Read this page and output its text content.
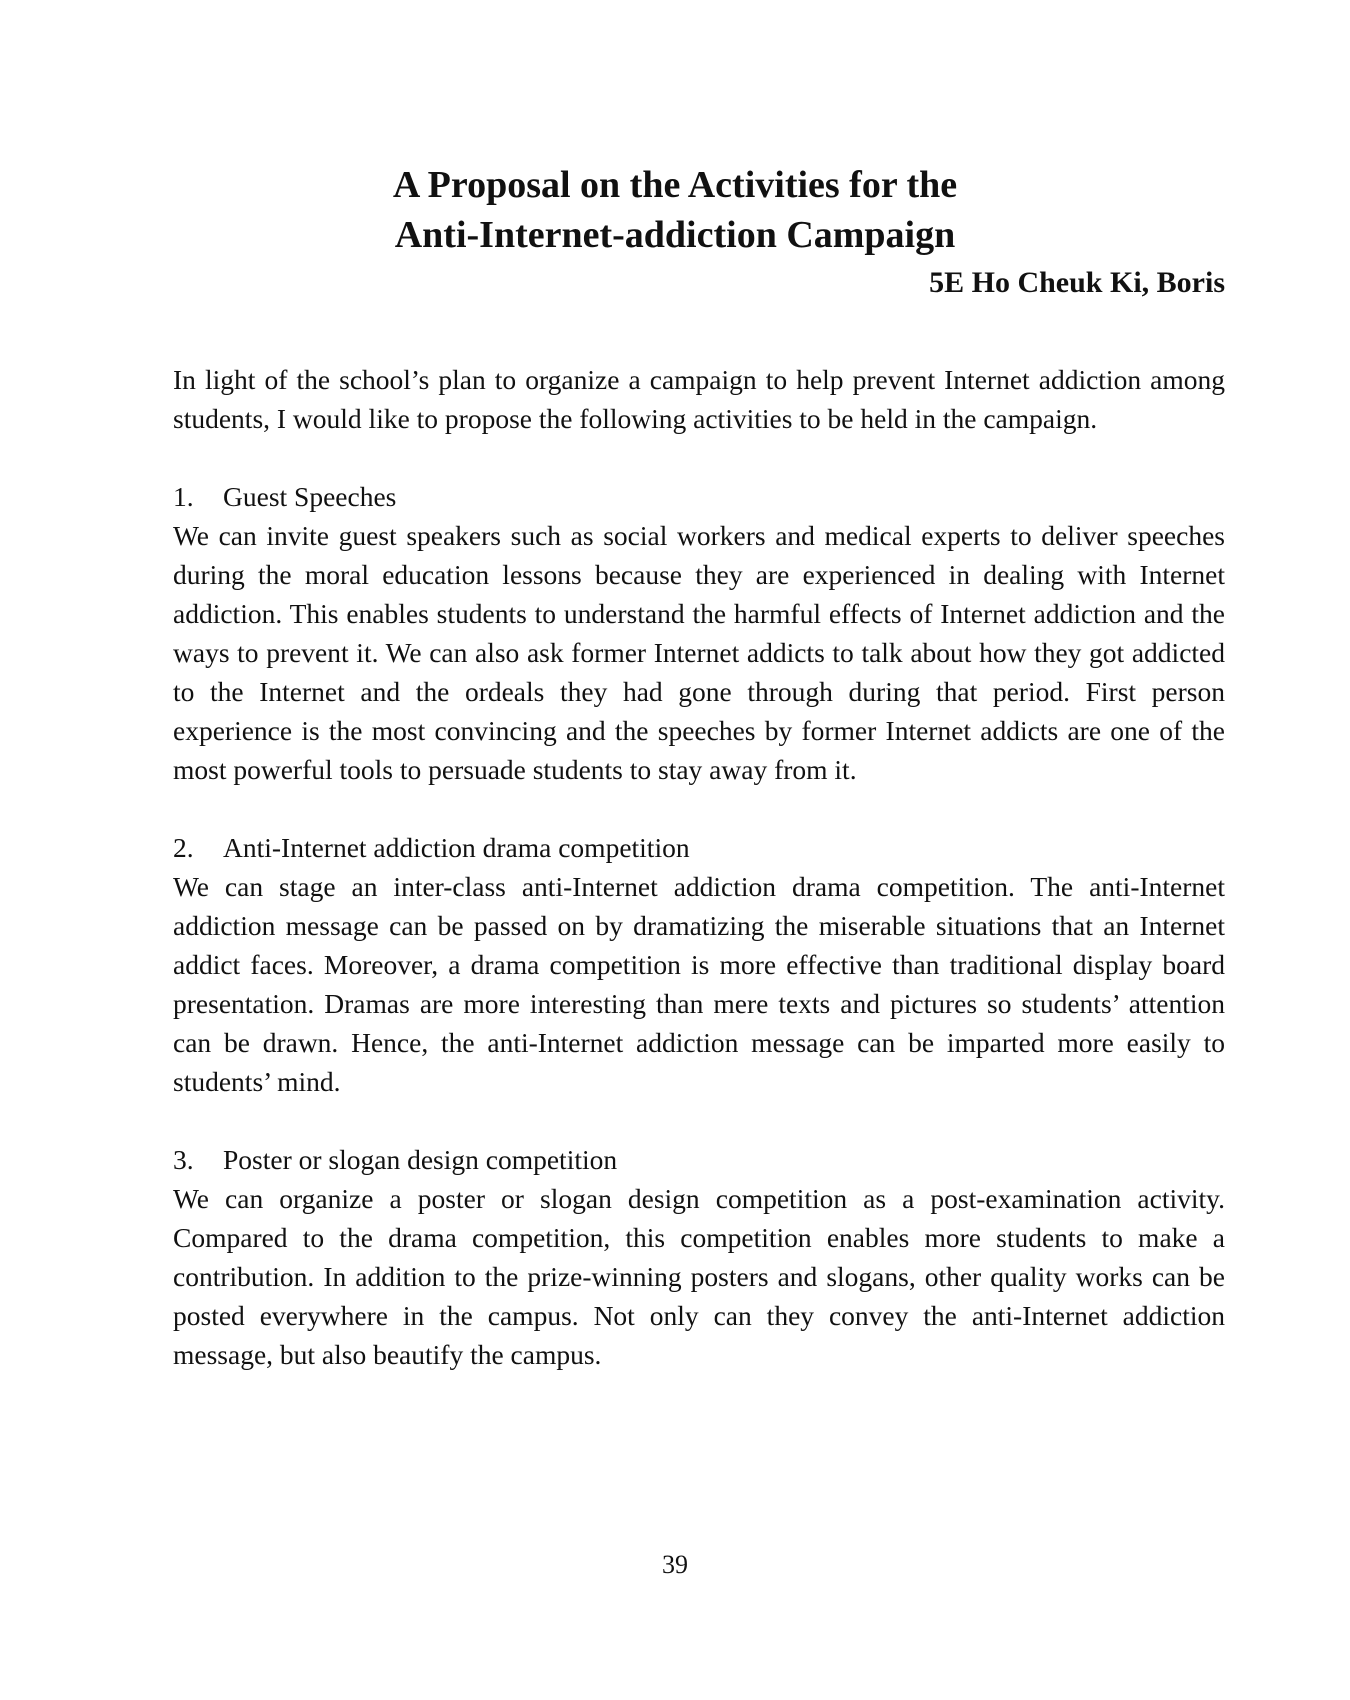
A Proposal on the Activities for the
Anti-Internet-addiction Campaign

5E Ho Cheuk Ki, Boris

In light of the school’s plan to organize a campaign to help prevent Internet addiction among students, I would like to propose the following activities to be held in the campaign.

1.	Guest Speeches

We can invite guest speakers such as social workers and medical experts to deliver speeches during the moral education lessons because they are experienced in dealing with Internet addiction. This enables students to understand the harmful effects of Internet addiction and the ways to prevent it. We can also ask former Internet addicts to talk about how they got addicted to the Internet and the ordeals they had gone through during that period. First person experience is the most convincing and the speeches by former Internet addicts are one of the most powerful tools to persuade students to stay away from it.

2.	Anti-Internet addiction drama competition

We can stage an inter-class anti-Internet addiction drama competition. The anti-Internet addiction message can be passed on by dramatizing the miserable situations that an Internet addict faces. Moreover, a drama competition is more effective than traditional display board presentation. Dramas are more interesting than mere texts and pictures so students’ attention can be drawn. Hence, the anti-Internet addiction message can be imparted more easily to students’ mind.

3.	Poster or slogan design competition

We can organize a poster or slogan design competition as a post-examination activity. Compared to the drama competition, this competition enables more students to make a contribution. In addition to the prize-winning posters and slogans, other quality works can be posted everywhere in the campus. Not only can they convey the anti-Internet addiction message, but also beautify the campus.

39
